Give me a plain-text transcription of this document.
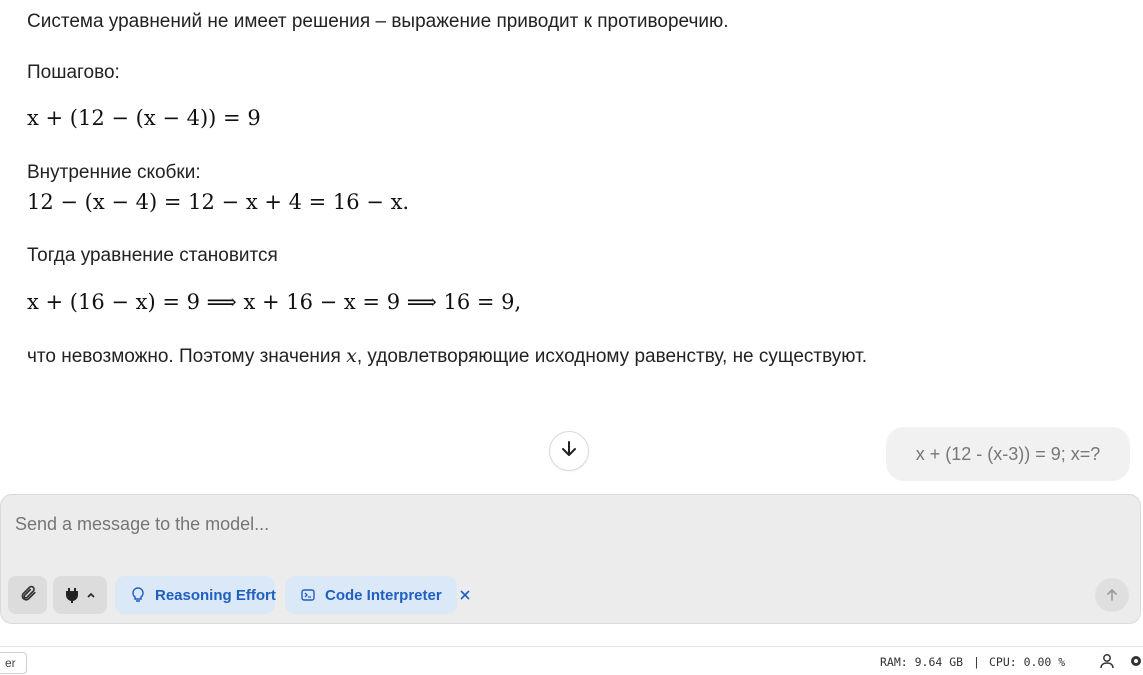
Система уравнений не имеет решения – выражение приводит к противоречию.
Пошагово:
x + (12 − (x − 4)) = 9
Внутренние скобки:
12 − (x − 4) = 12 − x + 4 = 16 − x.
Тогда уравнение становится
x + (16 − x) = 9 ⟹ x + 16 − x = 9 ⟹ 16 = 9,
что невозможно. Поэтому значения x, удовлетворяющие исходному равенству, не существуют.
x + (12 - (x-3)) = 9; x=?
Send a message to the model...
Reasoning Effort	Code Interpreter
er	RAM: 9.64 GB | CPU: 0.00 %
